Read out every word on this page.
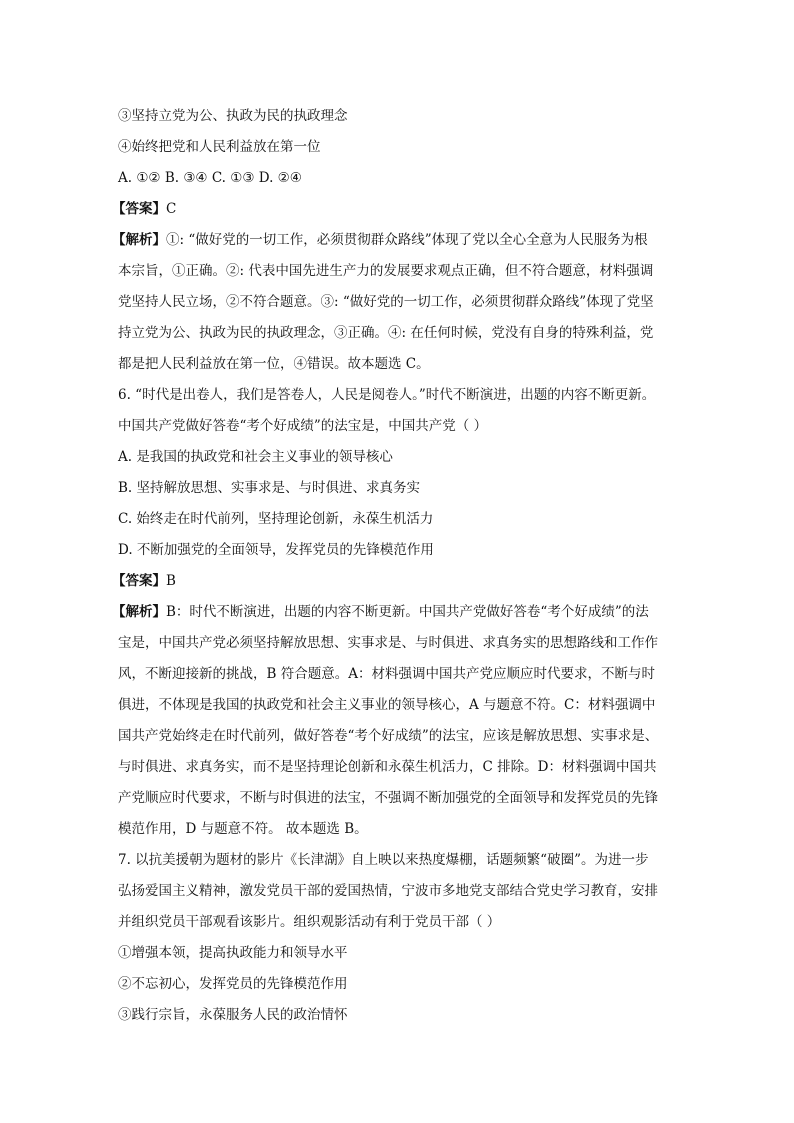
③坚持立党为公、执政为民的执政理念
④始终把党和人民利益放在第一位
A. ①② B. ③④ C. ①③ D. ②④
【答案】C
【解析】①: “做好党的一切工作，必须贯彻群众路线”体现了党以全心全意为人民服务为根
本宗旨，①正确。②: 代表中国先进生产力的发展要求观点正确，但不符合题意，材料强调
党坚持人民立场，②不符合题意。③: “做好党的一切工作，必须贯彻群众路线”体现了党坚
持立党为公、执政为民的执政理念，③正确。④: 在任何时候，党没有自身的特殊利益，党
都是把人民利益放在第一位，④错误。故本题选 C。
6. “时代是出卷人，我们是答卷人，人民是阅卷人。”时代不断演进，出题的内容不断更新。
中国共产党做好答卷“考个好成绩”的法宝是，中国共产党（ ）
A. 是我国的执政党和社会主义事业的领导核心
B. 坚持解放思想、实事求是、与时俱进、求真务实
C. 始终走在时代前列，坚持理论创新，永葆生机活力
D. 不断加强党的全面领导，发挥党员的先锋模范作用
【答案】B
【解析】B：时代不断演进，出题的内容不断更新。中国共产党做好答卷“考个好成绩”的法
宝是，中国共产党必须坚持解放思想、实事求是、与时俱进、求真务实的思想路线和工作作
风，不断迎接新的挑战，B 符合题意。A：材料强调中国共产党应顺应时代要求，不断与时
俱进，不体现是我国的执政党和社会主义事业的领导核心，A 与题意不符。C：材料强调中
国共产党始终走在时代前列，做好答卷“考个好成绩”的法宝，应该是解放思想、实事求是、
与时俱进、求真务实，而不是坚持理论创新和永葆生机活力，C 排除。D：材料强调中国共
产党顺应时代要求，不断与时俱进的法宝，不强调不断加强党的全面领导和发挥党员的先锋
模范作用，D 与题意不符。 故本题选 B。
7. 以抗美援朝为题材的影片《长津湖》自上映以来热度爆棚，话题频繁“破圈”。为进一步
弘扬爱国主义精神，激发党员干部的爱国热情，宁波市多地党支部结合党史学习教育，安排
并组织党员干部观看该影片。组织观影活动有利于党员干部（ ）
①增强本领，提高执政能力和领导水平
②不忘初心，发挥党员的先锋模范作用
③践行宗旨，永葆服务人民的政治情怀
